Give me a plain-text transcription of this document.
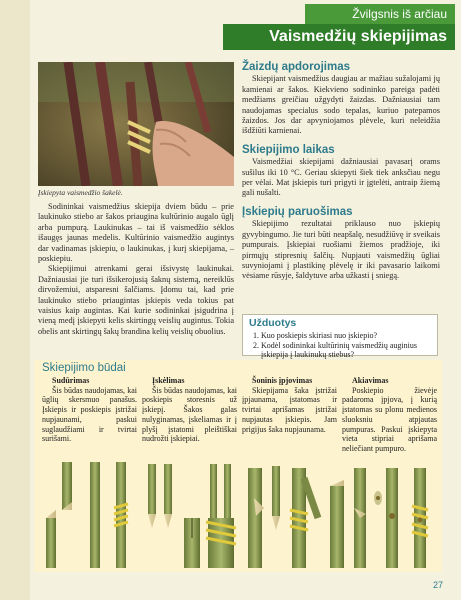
Žvilgsnis iš arčiau
Vaismedžių skiepijimas
Įskiepyta vaismedžio šakelė.

Sodininkai vaismedžius skiepija dviem būdu – prie laukinuko stiebo ar šakos priaugina kultūrinio augalo ūglį arba pumpurą. Laukinukas – tai iš vaismedžio sėklos išaugęs jaunas medelis. Kultūrinio vaismedžio augintys dar vadinamas įskiepiu, o laukinukas, į kurį skiepijama, – poskiepiu.

Skiepijimui atrenkami gerai išsivystę laukinukai. Dažniausiai jie turi išsikerojusią šaknų sistemą, nereiklūs dirvožemiui, atsparesni šalčiams. Įdomu tai, kad prie laukinuko stiebo priaugintas įskiepis veda tokius pat vaisius kaip augintas. Kai kurie sodininkai įsigudrina į vieną medį įskiepyti kelis skirtingų veislių augintus. Tokia obelis ant skirtingų šakų brandina kelių veislių obuolius.

Žaizdų apdorojimas

Skiepijant vaismedžius daugiau ar mažiau sužalojami jų kamienai ar šakos. Kiekvieno sodininko pareiga padėti medžiams greičiau užgydyti žaizdas. Dažniausiai tam naudojamas specialus sodo tepalas, kuriuo patepamos žaizdos. Jos dar apvyniojamos plėvele, kuri neleidžia išdžiūti karnienai.

Skiepijimo laikas

Vaismedžiai skiepijami dažniausiai pavasarį orams sušilus iki 10 °C. Geriau skiepyti šiek tiek anksčiau negu per vėlai. Mat įskiepis turi prigyti ir įgtelėti, antraip žiemą gali nušalti.

Įskiepių paruošimas

Skiepijimo rezultatai priklauso nuo įskiepių gyvybingumo. Jie turi būti neapšalę, nesudžiūvę ir sveikais pumpurais. Įskiepiai ruošiami žiemos pradžioje, iki pirmųjų stipresnių šalčių. Nupjauti vaismedžių ūgliai suvyniojami į plastikinę plėvelę ir iki pavasario laikomi vėsiame rūsyje, šaldytuve arba užkasti į sniegą.

Užduotys
1. Kuo poskiepis skiriasi nuo įskiepio?
2. Kodėl sodininkai kultūrinių vaismedžių auginius įskiepija į laukinukų stiebus?
Skiepijimo būdai
Sudūrimas
Šis būdas naudojamas, kai ūglių skersmuo panašus. Įskiepis ir poskiepis įstrižai nupjaunami, paskui suglaudžiami ir tvirtai surišami.
Įskėlimas
Šis būdas naudojamas, kai poskiepis storesnis už įskiepį. Šakos galas nulyginamas, įskeliamas ir į plyšį įstatomi pleištiškai nudrožti įskiepiai.
Šoninis įpjovimas
Skiepijama šaka įstrižai įpjaunama, įstatomas ir tvirtai aprišamas įstrižai nupjautas įskiepis. Jam prigijus šaka nupjaunama.
Akiavimas
Poskiepio žievėje padaroma įpjova, į kurią įstatomas su plonu medienos sluoksniu atpjautas pumpuras. Paskui įskiepyta vieta stipriai aprišama neliečiant pumpuro.
27
